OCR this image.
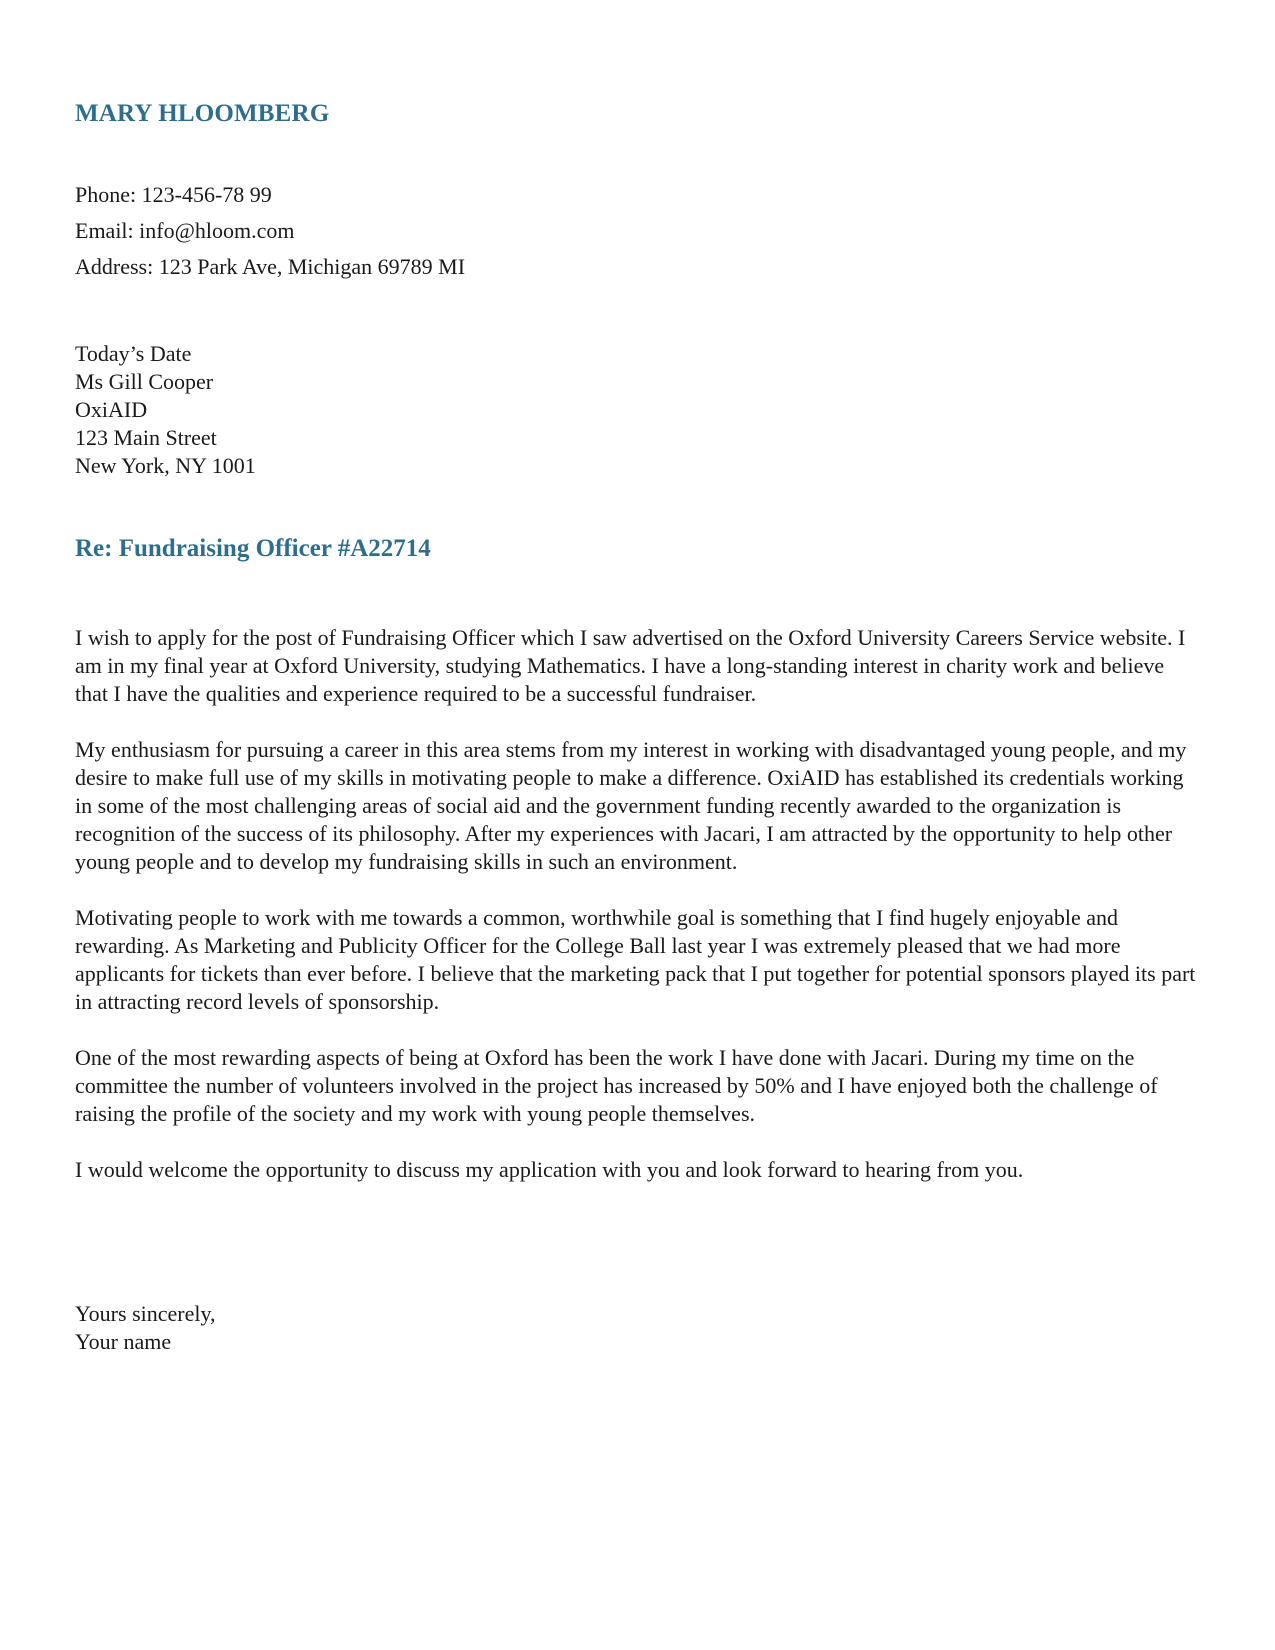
MARY HLOOMBERG
Phone: 123-456-78 99
Email: info@hloom.com
Address: 123 Park Ave, Michigan 69789 MI
Today’s Date
Ms Gill Cooper
OxiAID
123 Main Street
New York, NY 1001
Re: Fundraising Officer #A22714

I wish to apply for the post of Fundraising Officer which I saw advertised on the Oxford University Careers Service website. I am in my final year at Oxford University, studying Mathematics. I have a long-standing interest in charity work and believe that I have the qualities and experience required to be a successful fundraiser.

My enthusiasm for pursuing a career in this area stems from my interest in working with disadvantaged young people, and my desire to make full use of my skills in motivating people to make a difference. OxiAID has established its credentials working in some of the most challenging areas of social aid and the government funding recently awarded to the organization is recognition of the success of its philosophy. After my experiences with Jacari, I am attracted by the opportunity to help other young people and to develop my fundraising skills in such an environment.

Motivating people to work with me towards a common, worthwhile goal is something that I find hugely enjoyable and rewarding. As Marketing and Publicity Officer for the College Ball last year I was extremely pleased that we had more applicants for tickets than ever before. I believe that the marketing pack that I put together for potential sponsors played its part in attracting record levels of sponsorship.

One of the most rewarding aspects of being at Oxford has been the work I have done with Jacari. During my time on the committee the number of volunteers involved in the project has increased by 50% and I have enjoyed both the challenge of raising the profile of the society and my work with young people themselves.

I would welcome the opportunity to discuss my application with you and look forward to hearing from you.

Yours sincerely,
Your name
